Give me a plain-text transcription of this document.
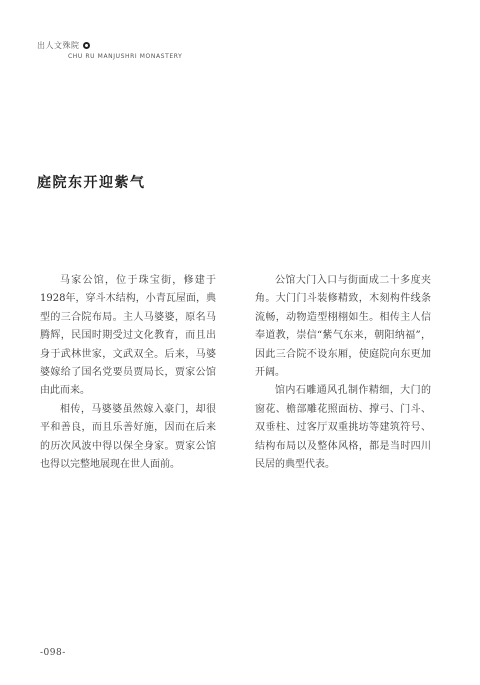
出人文殊院
CHU RU MANJUSHRI MONASTERY
庭院东开迎紫气

马家公馆，位于珠宝街，修建于1928年，穿斗木结构，小青瓦屋面，典型的三合院布局。主人马婆婆，原名马腾辉，民国时期受过文化教育，而且出身于武林世家，文武双全。后来，马婆婆嫁给了国名党要员贾局长，贾家公馆由此而来。

相传，马婆婆虽然嫁入豪门，却很平和善良，而且乐善好施，因而在后来的历次风波中得以保全身家。贾家公馆也得以完整地展现在世人面前。

公馆大门入口与街面成二十多度夹角。大门门斗装修精致，木刻构件线条流畅，动物造型栩栩如生。相传主人信奉道教，崇信“紫气东来，朝阳纳福”，因此三合院不设东厢，使庭院向东更加开阔。

馆内石雕通风孔制作精细，大门的窗花、檐部雕花照面枋、撑弓、门斗、双垂柱、过客厅双重挑坊等建筑符号、结构布局以及整体风格，都是当时四川民居的典型代表。

-098-
